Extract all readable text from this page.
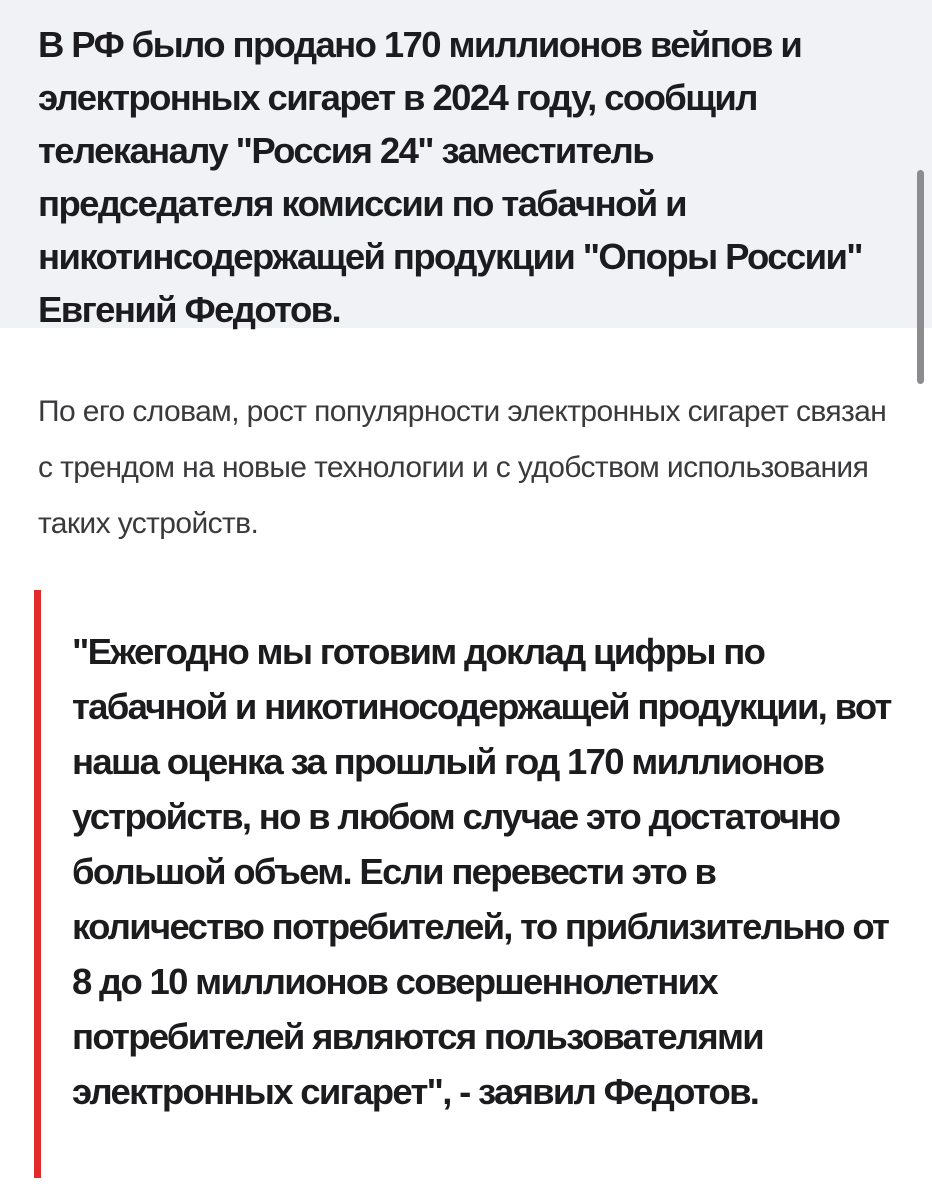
В РФ было продано 170 миллионов вейпов и электронных сигарет в 2024 году, сообщил телеканалу "Россия 24" заместитель председателя комиссии по табачной и никотинсодержащей продукции "Опоры России" Евгений Федотов.

По его словам, рост популярности электронных сигарет связан с трендом на новые технологии и с удобством использования таких устройств.

"Ежегодно мы готовим доклад цифры по табачной и никотиносодержащей продукции, вот наша оценка за прошлый год 170 миллионов устройств, но в любом случае это достаточно большой объем. Если перевести это в количество потребителей, то приблизительно от 8 до 10 миллионов совершеннолетних потребителей являются пользователями электронных сигарет", - заявил Федотов.
